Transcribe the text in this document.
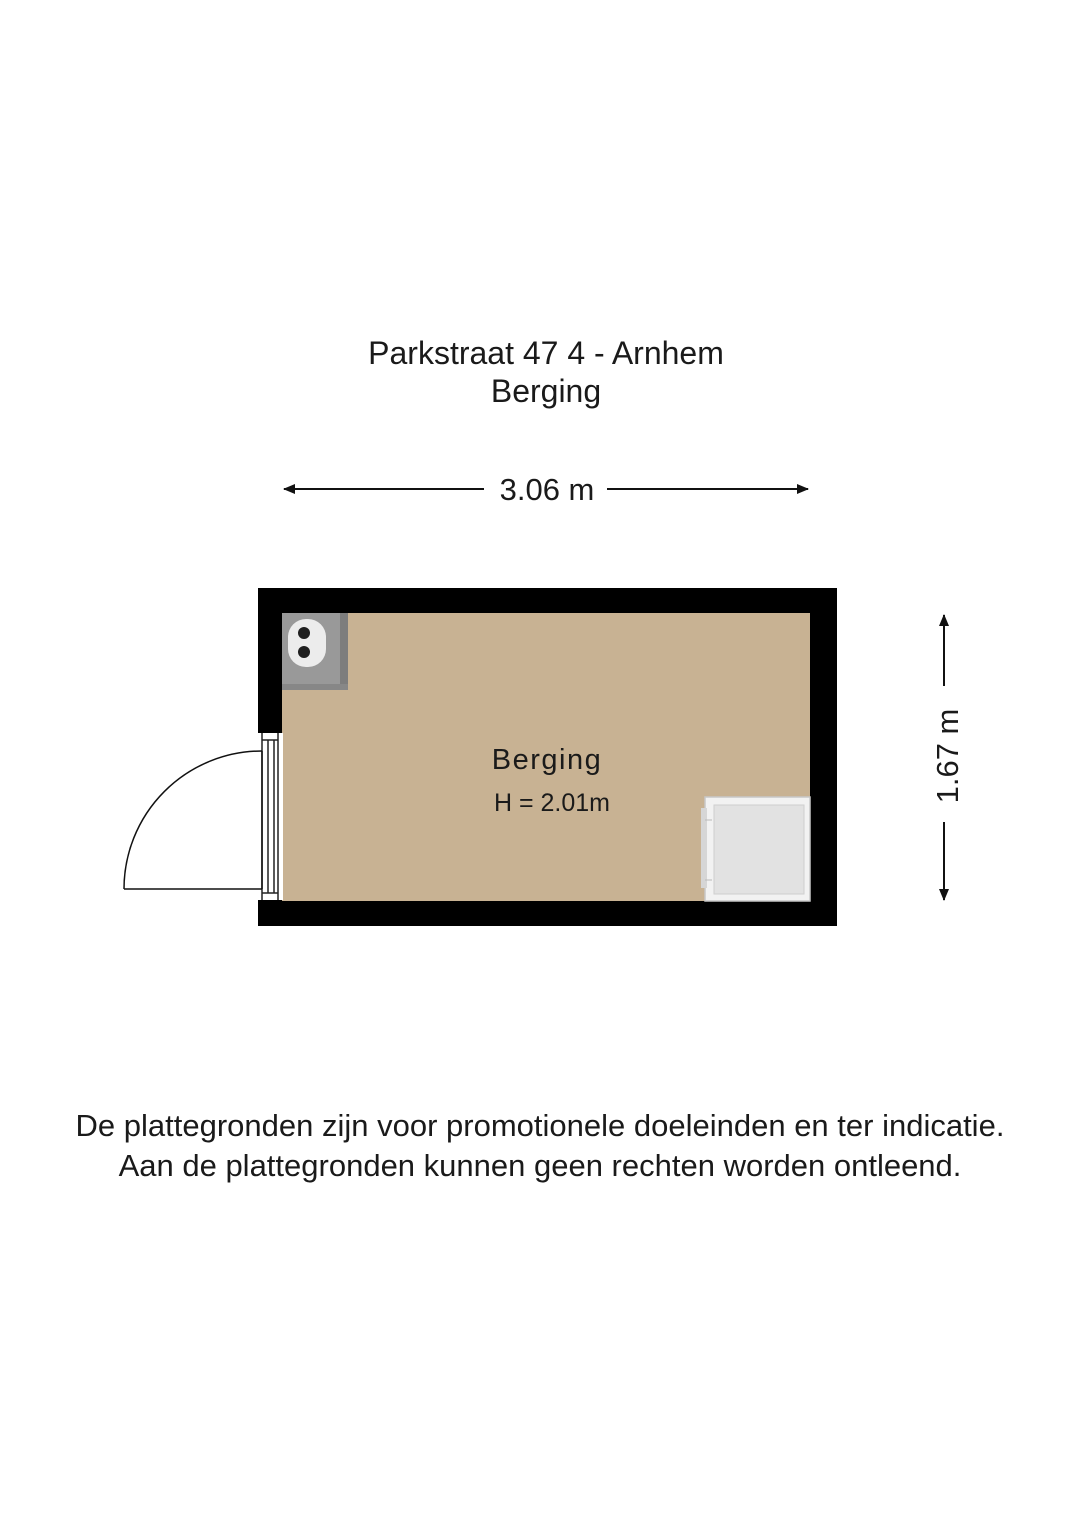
Parkstraat 47 4 - Arnhem
Berging
3.06 m
1.67 m
Berging
H = 2.01m
De plattegronden zijn voor promotionele doeleinden en ter indicatie.
Aan de plattegronden kunnen geen rechten worden ontleend.
